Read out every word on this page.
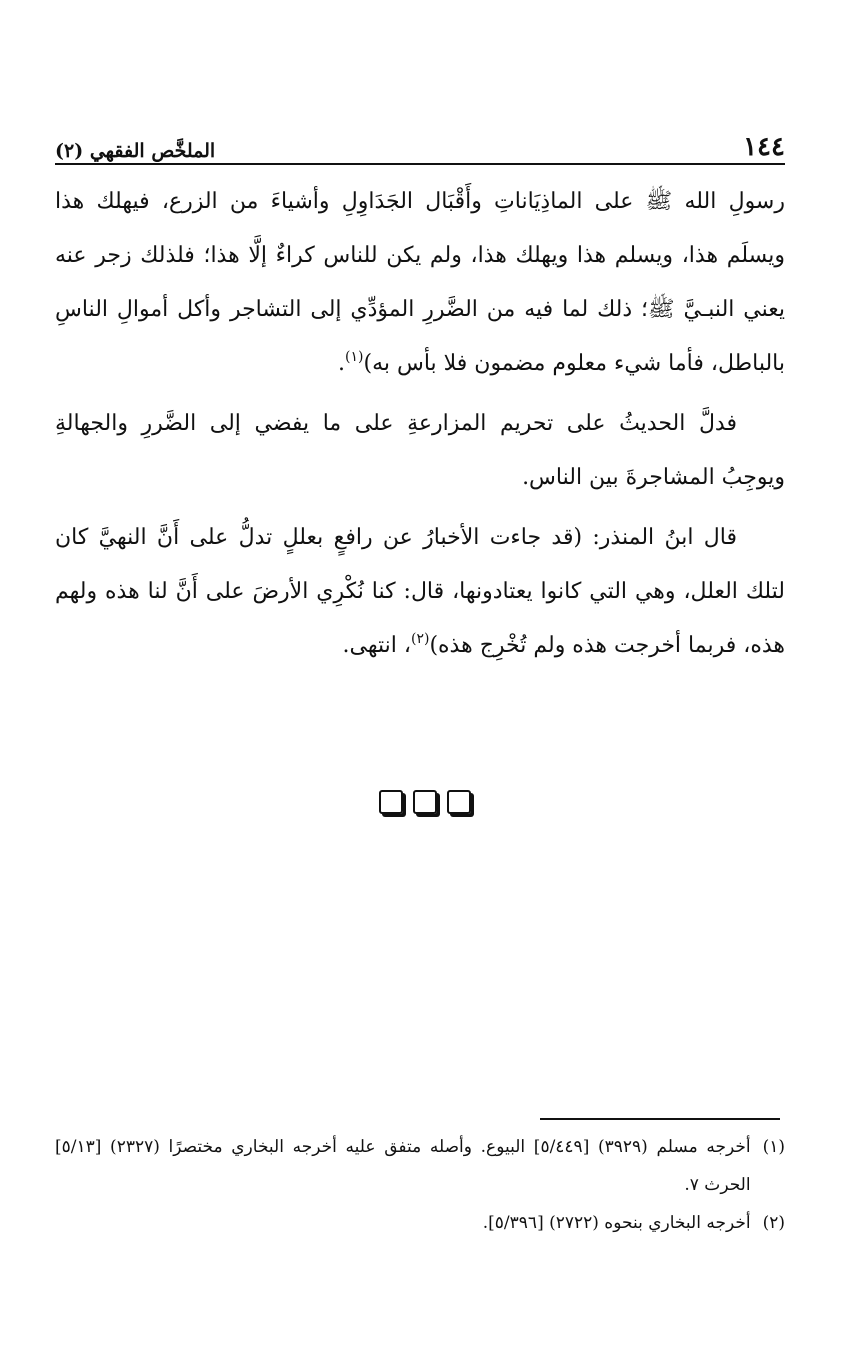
الملخَّص الفقهي (٢)	١٤٤

رسولِ الله ﷺ على الماذِيَاناتِ وأَقْبَال الجَدَاوِلِ وأشياءَ من الزرع، فيهلك هذا ويسلَم هذا، ويسلم هذا ويهلك هذا، ولم يكن للناس كراءٌ إلَّا هذا؛ فلذلك زجر عنه يعني النبـيَّ ﷺ؛ ذلك لما فيه من الضَّررِ المؤدِّي إلى التشاجر وأكل أموالِ الناسِ بالباطل، فأما شيء معلوم مضمون فلا بأس به)$^{(١)}$.

فدلَّ الحديثُ على تحريم المزارعةِ على ما يفضي إلى الضَّررِ والجهالةِ ويوجِبُ المشاجرةَ بين الناس.

قال ابنُ المنذر: (قد جاءت الأخبارُ عن رافعٍ بعللٍ تدلُّ على أَنَّ النهيَّ كان لتلك العلل، وهي التي كانوا يعتادونها، قال: كنا نُكْرِي الأرضَ على أَنَّ لنا هذه ولهم هذه، فربما أخرجت هذه ولم تُخْرِج هذه)$^{(٢)}$، انتهى.

(١)
أخرجه مسلم (٣٩٢٩) [٥/٤٤٩] البيوع. وأصله متفق عليه أخرجه البخاري مختصرًا (٢٣٢٧) [٥/١٣] الحرث ٧.
(٢)
أخرجه البخاري بنحوه (٢٧٢٢) [٥/٣٩٦].
